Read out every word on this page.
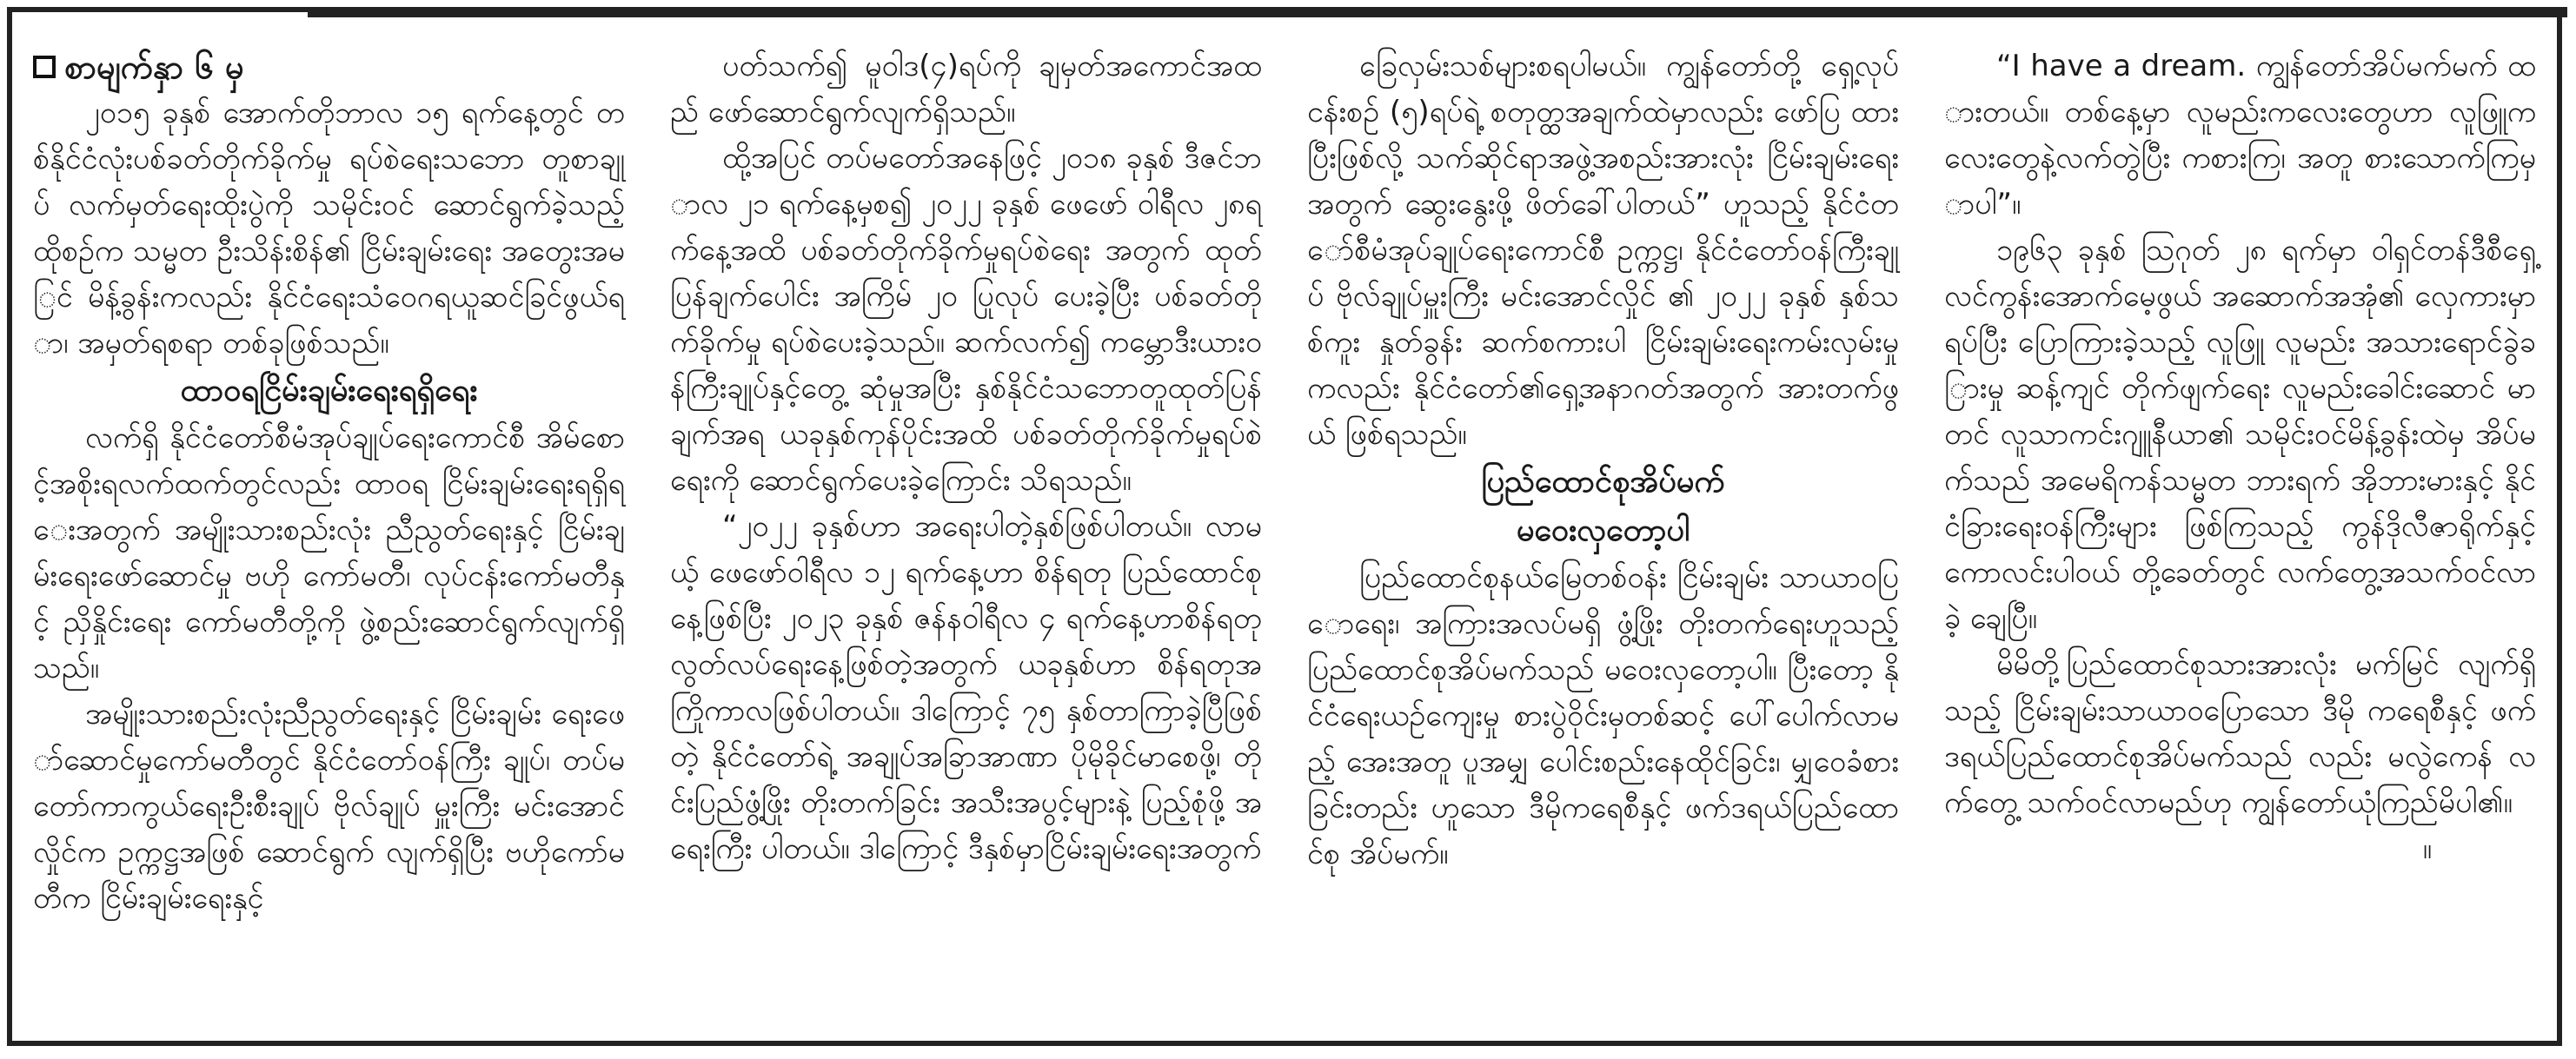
စာမျက်နှာ ၆ မှ

၂၀၁၅ ခုနှစ် အောက်တိုဘာလ ၁၅ ရက်နေ့တွင် တစ်နိုင်ငံလုံးပစ်ခတ်တိုက်ခိုက်မှု ရပ်စဲရေးသဘော တူစာချုပ် လက်မှတ်ရေးထိုးပွဲကို သမိုင်းဝင် ဆောင်ရွက်ခဲ့သည့် ထိုစဉ်က သမ္မတ ဦးသိန်းစိန်၏ ငြိမ်းချမ်းရေး အတွေးအမြင် မိန့်ခွန်းကလည်း နိုင်ငံရေးသံဝေဂရယူဆင်ခြင်ဖွယ်ရာ၊ အမှတ်ရစရာ တစ်ခုဖြစ်သည်။

ထာဝရငြိမ်းချမ်းရေးရရှိရေး

လက်ရှိ နိုင်ငံတော်စီမံအုပ်ချုပ်ရေးကောင်စီ အိမ်စောင့်အစိုးရလက်ထက်တွင်လည်း ထာဝရ ငြိမ်းချမ်းရေးရရှိရေးအတွက် အမျိုးသားစည်းလုံး ညီညွတ်ရေးနှင့် ငြိမ်းချမ်းရေးဖော်ဆောင်မှု ဗဟို ကော်မတီ၊ လုပ်ငန်းကော်မတီနှင့် ညှိနှိုင်းရေး ကော်မတီတို့ကို ဖွဲ့စည်းဆောင်ရွက်လျက်ရှိသည်။

အမျိုးသားစည်းလုံးညီညွတ်ရေးနှင့် ငြိမ်းချမ်း ရေးဖော်ဆောင်မှုကော်မတီတွင် နိုင်ငံတော်ဝန်ကြီး ချုပ်၊ တပ်မတော်ကာကွယ်ရေးဦးစီးချုပ် ဗိုလ်ချုပ် မှူးကြီး မင်းအောင်လှိုင်က ဥက္ကဋ္ဌအဖြစ် ဆောင်ရွက် လျက်ရှိပြီး ဗဟိုကော်မတီက ငြိမ်းချမ်းရေးနှင့်

ပတ်သက်၍ မူဝါဒ(၄)ရပ်ကို ချမှတ်အကောင်အထည် ဖော်ဆောင်ရွက်လျက်ရှိသည်။

ထို့အပြင် တပ်မတော်အနေဖြင့် ၂၀၁၈ ခုနှစ် ဒီဇင်ဘာလ ၂၁ ရက်နေ့မှစ၍ ၂၀၂၂ ခုနှစ် ဖေဖော် ဝါရီလ ၂၈ရက်နေ့အထိ ပစ်ခတ်တိုက်ခိုက်မှုရပ်စဲရေး အတွက် ထုတ်ပြန်ချက်ပေါင်း အကြိမ် ၂၀ ပြုလုပ် ပေးခဲ့ပြီး ပစ်ခတ်တိုက်ခိုက်မှု ရပ်စဲပေးခဲ့သည်။ ဆက်လက်၍ ကမ္ဘောဒီးယားဝန်ကြီးချုပ်နှင့်တွေ့ ဆုံမှုအပြီး နှစ်နိုင်ငံသဘောတူထုတ်ပြန်ချက်အရ ယခုနှစ်ကုန်ပိုင်းအထိ ပစ်ခတ်တိုက်ခိုက်မှုရပ်စဲ ရေးကို ဆောင်ရွက်ပေးခဲ့ကြောင်း သိရသည်။

“၂၀၂၂ ခုနှစ်ဟာ အရေးပါတဲ့နှစ်ဖြစ်ပါတယ်။ လာမယ့် ဖေဖော်ဝါရီလ ၁၂ ရက်နေ့ဟာ စိန်ရတု ပြည်ထောင်စုနေ့ဖြစ်ပြီး ၂၀၂၃ ခုနှစ် ဇန်နဝါရီလ ၄ ရက်နေ့ဟာစိန်ရတုလွတ်လပ်ရေးနေ့ဖြစ်တဲ့အတွက် ယခုနှစ်ဟာ စိန်ရတုအကြိုကာလဖြစ်ပါတယ်။ ဒါကြောင့် ၇၅ နှစ်တာကြာခဲ့ပြီဖြစ်တဲ့ နိုင်ငံတော်ရဲ့ အချုပ်အခြာအာဏာ ပိုမိုခိုင်မာစေဖို့၊ တိုင်းပြည်ဖွံ့ဖြိုး တိုးတက်ခြင်း အသီးအပွင့်များနဲ့ ပြည့်စုံဖို့ အရေးကြီး ပါတယ်။ ဒါကြောင့် ဒီနှစ်မှာငြိမ်းချမ်းရေးအတွက်

ခြေလှမ်းသစ်များစရပါမယ်။ ကျွန်တော်တို့ ရှေ့လုပ် ငန်းစဉ် (၅)ရပ်ရဲ့ စတုတ္ထအချက်ထဲမှာလည်း ဖော်ပြ ထားပြီးဖြစ်လို့ သက်ဆိုင်ရာအဖွဲ့အစည်းအားလုံး ငြိမ်းချမ်းရေးအတွက် ဆွေးနွေးဖို့ ဖိတ်ခေါ်ပါတယ်” ဟူသည့် နိုင်ငံတော်စီမံအုပ်ချုပ်ရေးကောင်စီ ဥက္ကဋ္ဌ၊ နိုင်ငံတော်ဝန်ကြီးချုပ် ဗိုလ်ချုပ်မှူးကြီး မင်းအောင်လှိုင် ၏ ၂၀၂၂ ခုနှစ် နှစ်သစ်ကူး နှုတ်ခွန်း ဆက်စကားပါ ငြိမ်းချမ်းရေးကမ်းလှမ်းမှုကလည်း နိုင်ငံတော်၏ရှေ့အနာဂတ်အတွက် အားတက်ဖွယ် ဖြစ်ရသည်။

ပြည်ထောင်စုအိပ်မက်
မဝေးလှတော့ပါ

ပြည်ထောင်စုနယ်မြေတစ်ဝန်း ငြိမ်းချမ်း သာယာဝပြောရေး၊ အကြားအလပ်မရှိ ဖွံ့ဖြိုး တိုးတက်ရေးဟူသည့် ပြည်ထောင်စုအိပ်မက်သည် မဝေးလှတော့ပါ။ ပြီးတော့ နိုင်ငံရေးယဉ်ကျေးမှု စားပွဲဝိုင်းမှတစ်ဆင့် ပေါ်ပေါက်လာမည့် အေးအတူ ပူအမျှ ပေါင်းစည်းနေထိုင်ခြင်း၊ မျှဝေခံစားခြင်းတည်း ဟူသော ဒီမိုကရေစီနှင့် ဖက်ဒရယ်ပြည်ထောင်စု အိပ်မက်။

“I have a dream. ကျွန်တော်အိပ်မက်မက် ထားတယ်။ တစ်နေ့မှာ လူမည်းကလေးတွေဟာ လူဖြူကလေးတွေနဲ့လက်တွဲပြီး ကစားကြ၊ အတူ စားသောက်ကြမှာပါ”။

၁၉၆၃ ခုနှစ် ဩဂုတ် ၂၈ ရက်မှာ ဝါရှင်တန်ဒီစီရှေ့ လင်ကွန်းအောက်မေ့ဖွယ် အဆောက်အအုံ၏ လှေကားမှာရပ်ပြီး ပြောကြားခဲ့သည့် လူဖြူ လူမည်း အသားရောင်ခွဲခြားမှု ဆန့်ကျင် တိုက်ဖျက်ရေး လူမည်းခေါင်းဆောင် မာတင် လူသာကင်းဂျူနီယာ၏ သမိုင်းဝင်မိန့်ခွန်းထဲမှ အိပ်မက်သည် အမေရိကန်သမ္မတ ဘားရက် အိုဘားမားနှင့် နိုင်ငံခြားရေးဝန်ကြီးများ ဖြစ်ကြသည့် ကွန်ဒိုလီဇာရိုက်နှင့် ကောလင်းပါဝယ် တို့ခေတ်တွင် လက်တွေ့အသက်ဝင်လာခဲ့ ချေပြီ။

မိမိတို့ပြည်ထောင်စုသားအားလုံး မက်မြင် လျက်ရှိသည့် ငြိမ်းချမ်းသာယာဝပြောသော ဒီမို ကရေစီနှင့် ဖက်ဒရယ်ပြည်ထောင်စုအိပ်မက်သည် လည်း မလွဲကေန် လက်တွေ့ သက်ဝင်လာမည်ဟု ကျွန်တော်ယုံကြည်မိပါ၏။

။
